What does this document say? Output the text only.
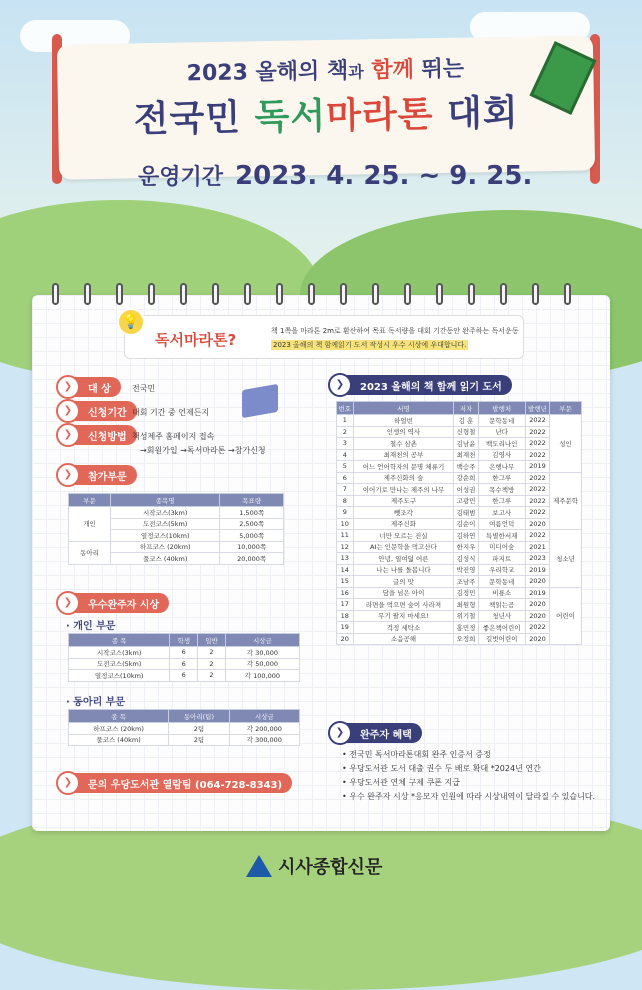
2023 올해의 책과 함께 뛰는
전국민 독서마라톤 대회
운영기간 2023. 4. 25. ~ 9. 25.
💡
독서마라톤?	책 1쪽을 마라톤 2m로 환산하여 목표 독서량을 대회 기간동안 완주하는 독서운동
2023 올해의 책 함께읽기 도서 작성시 우수 시상에 우대합니다.
❯	대 상	전국민
❯	신청기간 대회 기간 중 언제든지
❯	신청방법 책성제주 홈페이지 접속
→회원가입 →독서마라톤 →참가신청
❯	참가부문
부문	종목명	목표량
개인	시작코스(3km)	1,500쪽
	도전코스(5km)	2,500쪽
	열정코스(10km)	5,000쪽
동아리	하프코스 (20km)	10,000쪽
	풀코스 (40km)	20,000쪽
❯	우수완주자 시상
· 개인 부문
종 목	학생	일반	시상금
시작코스(3km)	6	2	각 30,000
도전코스(5km)	6	2	각 50,000
열정코스(10km)	6	2	각 100,000
· 동아리 부문
종 목	동아리(팀)	시상금
하프코스 (20km)	2팀	각 200,000
풀코스 (40km)	2팀	각 300,000
❯	문의 우당도서관 열람팀 (064-728-8343)
❯	2023 올해의 책 함께 읽기 도서
번호	서명	저자	발행처	발행년	부문
1	하얼빈	김 훈	문학동네	2022	성인
2	인생의 역사	신형철	난다	2022	
3	철수 삼촌	김남윤	백도리나인	2022	
4	최재천의 공부	최재천	김영사	2022	
5	어느 언어학자의 문명 체류기	백승주	은행나무	2019	
6	제주신화의 숲	강순희	한그루	2022	제주문학
7	이어기로 만나는 제주의 나무	이성권	목수책방	2022	
8	제주도구	고광민	한그루	2022	
9	뺏조각	김태범	보고사	2022	
10	제주신화	김순이	여름언덕	2020	
11	너만 모르는 진실	김하연	특별한서재	2022	청소년
12	AI는 인문학을 먹고산다	한지우	미디어숲	2021	
13	안녕, 열여덟 어른	김성식	파지트	2023	
14	나는 나를 돌봅니다	박진영	우리학교	2019	
15	글의 맛	조남주	문학동네	2020	
16	담을 넘은 아이	김정민	비룡소	2019	어린이
17	라면을 먹으면 숲이 사라져	최원형	책읽는곰	2020	
18	무기 팔지 마세요!	위기철	청년사	2020	
19	걱정 세탁소	홍민정	좋은책어린이	2022	
20	소음공해	오정희	길벗어린이	2020	
❯	완주자 혜택
• 전국민 독서마라톤대회 완주 인증서 증정
• 우당도서관 도서 대출 권수 두 배로 확대 *2024년 연간
• 우당도서관 연체 구제 쿠폰 지급
• 우수 완주자 시상 *응모자 인원에 따라 시상내역이 달라질 수 있습니다.
시사종합신문
